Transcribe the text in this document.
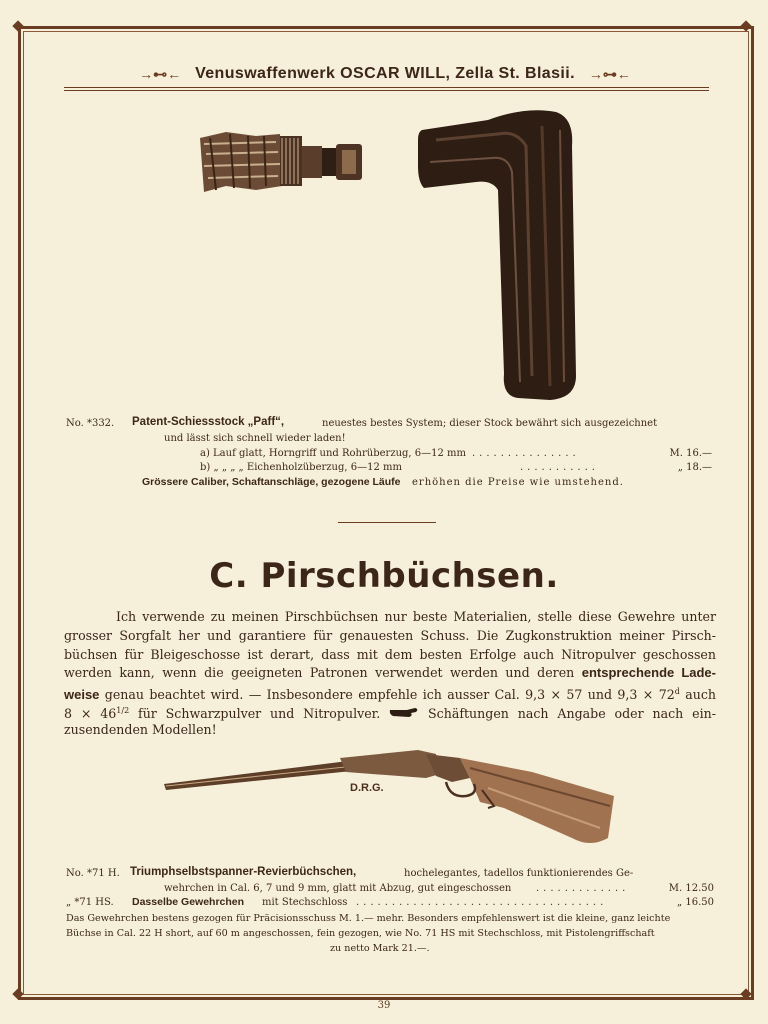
→⊷← Venuswaffenwerk OSCAR WILL, Zella St. Blasii. →⊶←
No. *332. Patent-Schiessstock „Paff“,	neuestes bestes System; dieser Stock bewährt sich ausgezeichnet
und lässt sich schnell wieder laden!
a) Lauf glatt, Horngriff und Rohrüberzug, 6—12 mm ...............	M. 16.—
b) „ „ „ „ Eichenholzüberzug, 6—12 mm	...........	„ 18.—
Grössere Caliber, Schaftanschläge, gezogene Läufe erhöhen die Preise wie umstehend.
C. Pirschbüchsen.
Ich verwende zu meinen Pirschbüchsen nur beste Materialien, stelle diese Gewehre unter
grosser Sorgfalt her und garantiere für genauesten Schuss. Die Zugkonstruktion meiner Pirsch-
büchsen für Bleigeschosse ist derart, dass mit dem besten Erfolge auch Nitropulver geschossen
werden kann, wenn die geeigneten Patronen verwendet werden und deren entsprechende Lade-
weise genau beachtet wird. — Insbesondere empfehle ich ausser Cal. 9,3 × 57 und $9,3 \times 72^d$ auch
$8 \times 46^{1/2}$ für Schwarzpulver und Nitropulver.	Schäftungen nach Angabe oder nach ein-
zusendenden Modellen!
D.R.G.
No. *71 H. Triumphselbstspanner-Revierbüchschen,	hochelegantes, tadellos funktionierendes Ge-
wehrchen in Cal. 6, 7 und 9 mm, glatt mit Abzug, gut eingeschossen .............	M. 12.50
„ *71 HS. Dasselbe Gewehrchen mit Stechschloss ...................................	„ 16.50
Das Gewehrchen bestens gezogen für Präcisionsschuss M. 1.— mehr. Besonders empfehlenswert ist die kleine, ganz leichte
Büchse in Cal. 22 H short, auf 60 m angeschossen, fein gezogen, wie No. 71 HS mit Stechschloss, mit Pistolengriffschaft
zu netto Mark 21.—.
39
